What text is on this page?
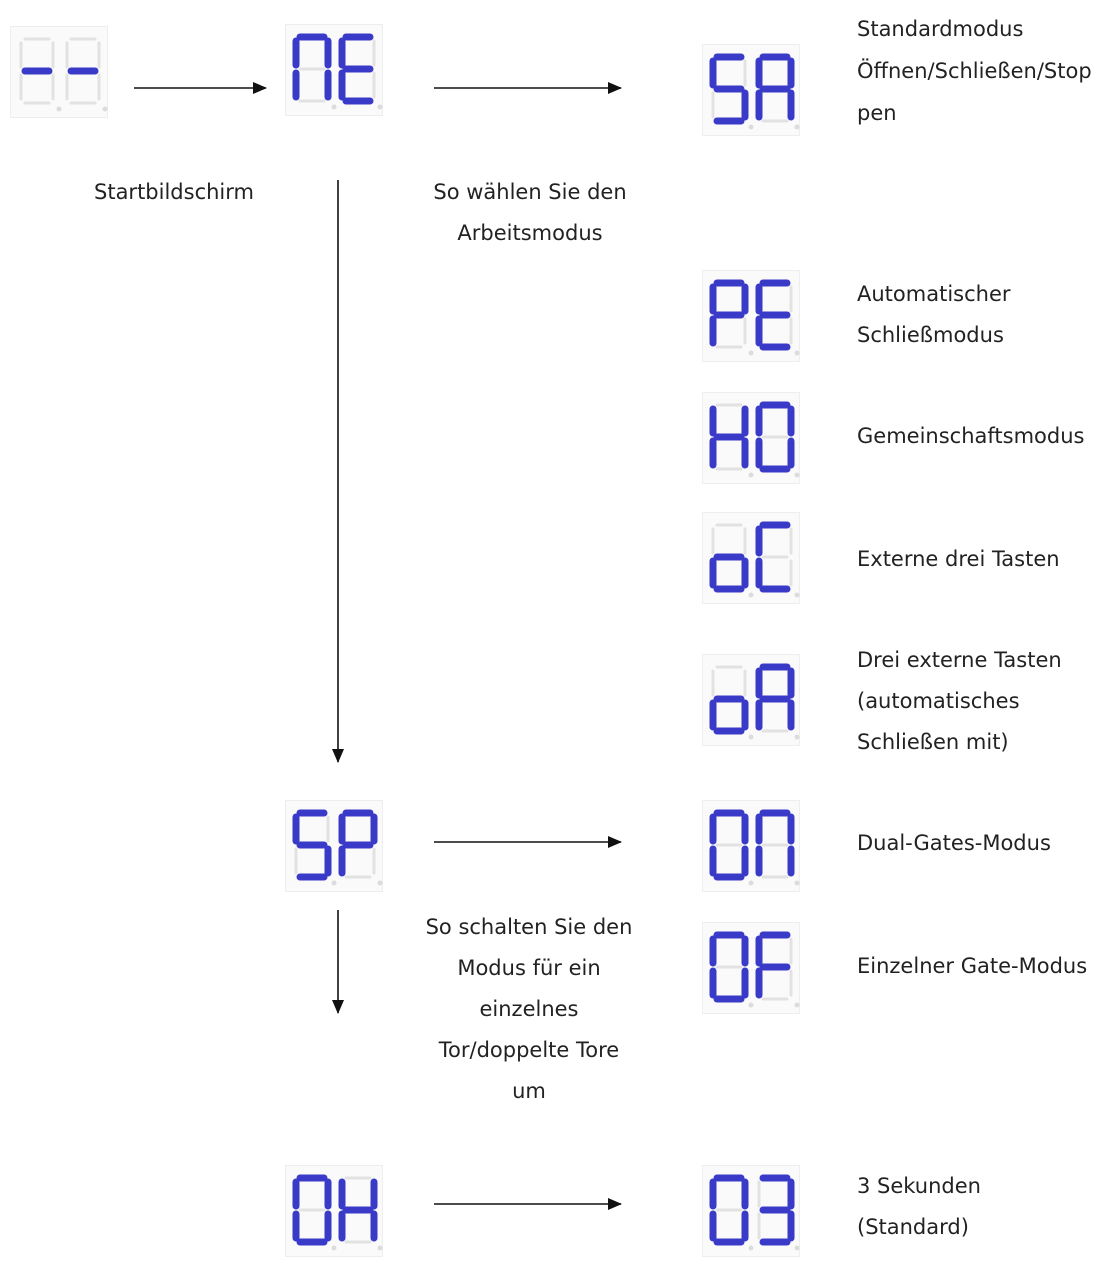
Startbildschirm	So wählen Sie den
Arbeitsmodus
Standardmodus
Öffnen/Schließen/Stop
pen
Automatischer
Schließmodus
Gemeinschaftsmodus
Externe drei Tasten
Drei externe Tasten
(automatisches
Schließen mit)
Dual-Gates-Modus
So schalten Sie den
Modus für ein
einzelnes
Tor/doppelte Tore
um
Einzelner Gate-Modus
3 Sekunden
(Standard)
